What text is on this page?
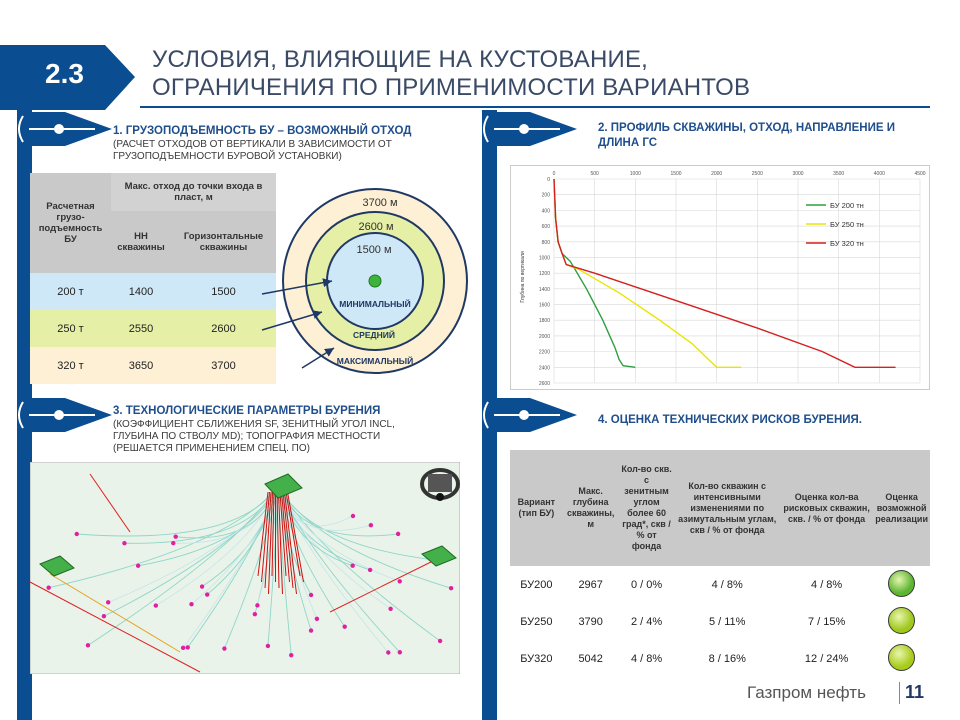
2.3	УСЛОВИЯ, ВЛИЯЮЩИЕ НА КУСТОВАНИЕ,
ОГРАНИЧЕНИЯ ПО ПРИМЕНИМОСТИ ВАРИАНТОВ
1. ГРУЗОПОДЪЕМНОСТЬ БУ – ВОЗМОЖНЫЙ ОТХОД
(РАСЧЕТ ОТХОДОВ ОТ ВЕРТИКАЛИ В ЗАВИСИМОСТИ ОТ
ГРУЗОПОДЪЕМНОСТИ БУРОВОЙ УСТАНОВКИ)
Расчетная грузо-подъемность БУ	Макс. отход до точки входа в пласт, м	
	НН скважины	Горизонтальные скважины
200 т	1400	1500
250 т	2550	2600
320 т	3650	3700
3700 м
2600 м
1500 м
МИНИМАЛЬНЫЙ
СРЕДНИЙ
МАКСИМАЛЬНЫЙ
2. ПРОФИЛЬ СКВАЖИНЫ, ОТХОД, НАПРАВЛЕНИЕ И
ДЛИНА ГС
0	500	1000	1500	2000	2500	3000	3500	4000	4500
0
200
400
600
800
1000
1200
1400
1600
1800
2000
2200
2400
2600
Глубина по вертикали
БУ 200 тн
БУ 250 тн
БУ 320 тн
3. ТЕХНОЛОГИЧЕСКИЕ ПАРАМЕТРЫ БУРЕНИЯ
(КОЭФФИЦИЕНТ СБЛИЖЕНИЯ SF, ЗЕНИТНЫЙ УГОЛ INCL,
ГЛУБИНА ПО СТВОЛУ MD); ТОПОГРАФИЯ МЕСТНОСТИ
(РЕШАЕТСЯ ПРИМЕНЕНИЕМ СПЕЦ. ПО)
4. ОЦЕНКА ТЕХНИЧЕСКИХ РИСКОВ БУРЕНИЯ.
Вариант (тип БУ)	Макс. глубина скважины, м	Кол-во скв. с зенитным углом более 60 град*, скв / % от фонда	Кол-во скважин с интенсивными изменениями по азимутальным углам, скв / % от фонда	Оценка кол-ва рисковых скважин, скв. / % от фонда	Оценка возможной реализации
БУ200	2967	0 / 0%	4 / 8%	4 / 8%	
БУ250	3790	2 / 4%	5 / 11%	7 / 15%	
БУ320	5042	4 / 8%	8 / 16%	12 / 24%	
Газпром нефть 11
